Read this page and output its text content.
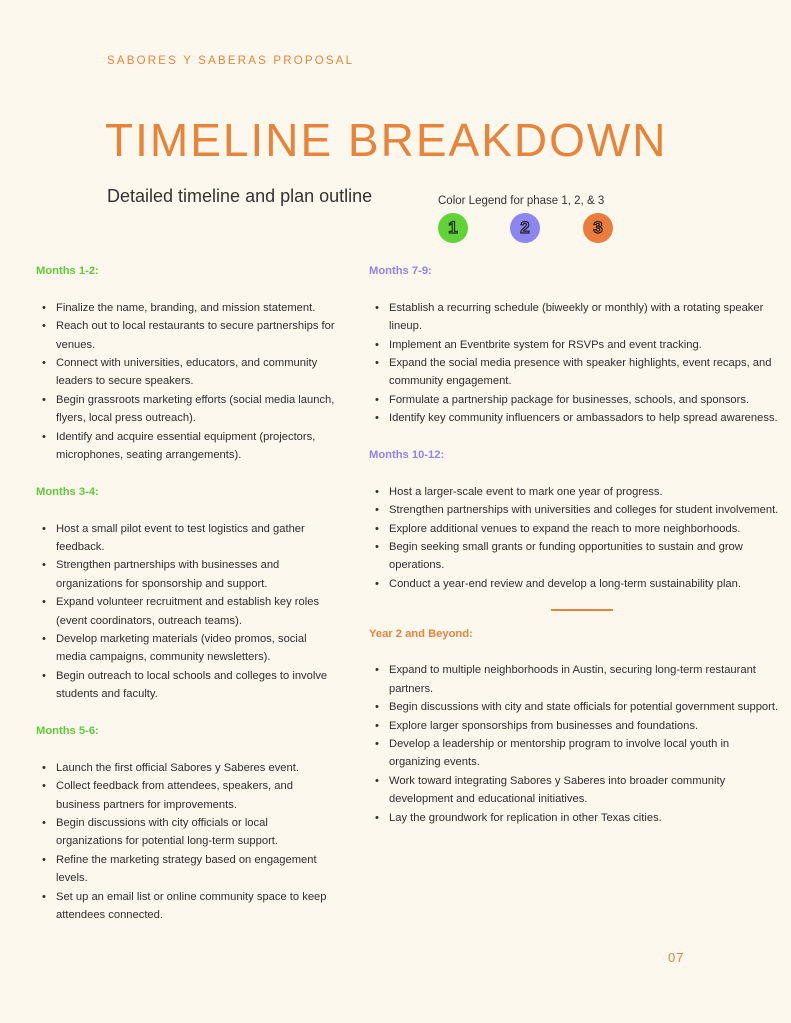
SABORES Y SABERAS PROPOSAL
TIMELINE BREAKDOWN
Detailed timeline and plan outline	Color Legend for phase 1, 2, & 3
1	2	3
Months 1-2:
• Finalize the name, branding, and mission statement.
• Reach out to local restaurants to secure partnerships for venues.
• Connect with universities, educators, and community leaders to secure speakers.
• Begin grassroots marketing efforts (social media launch, flyers, local press outreach).
• Identify and acquire essential equipment (projectors, microphones, seating arrangements).
Months 3-4:
• Host a small pilot event to test logistics and gather feedback.
• Strengthen partnerships with businesses and organizations for sponsorship and support.
• Expand volunteer recruitment and establish key roles (event coordinators, outreach teams).
• Develop marketing materials (video promos, social media campaigns, community newsletters).
• Begin outreach to local schools and colleges to involve students and faculty.
Months 5-6:
• Launch the first official Sabores y Saberes event.
• Collect feedback from attendees, speakers, and business partners for improvements.
• Begin discussions with city officials or local organizations for potential long-term support.
• Refine the marketing strategy based on engagement levels.
• Set up an email list or online community space to keep attendees connected.
Months 7-9:
• Establish a recurring schedule (biweekly or monthly) with a rotating speaker lineup.
• Implement an Eventbrite system for RSVPs and event tracking.
• Expand the social media presence with speaker highlights, event recaps, and community engagement.
• Formulate a partnership package for businesses, schools, and sponsors.
• Identify key community influencers or ambassadors to help spread awareness.
Months 10-12:
• Host a larger-scale event to mark one year of progress.
• Strengthen partnerships with universities and colleges for student involvement.
• Explore additional venues to expand the reach to more neighborhoods.
• Begin seeking small grants or funding opportunities to sustain and grow operations.
• Conduct a year-end review and develop a long-term sustainability plan.
Year 2 and Beyond:
• Expand to multiple neighborhoods in Austin, securing long-term restaurant partners.
• Begin discussions with city and state officials for potential government support.
• Explore larger sponsorships from businesses and foundations.
• Develop a leadership or mentorship program to involve local youth in organizing events.
• Work toward integrating Sabores y Saberes into broader community development and educational initiatives.
• Lay the groundwork for replication in other Texas cities.
07
